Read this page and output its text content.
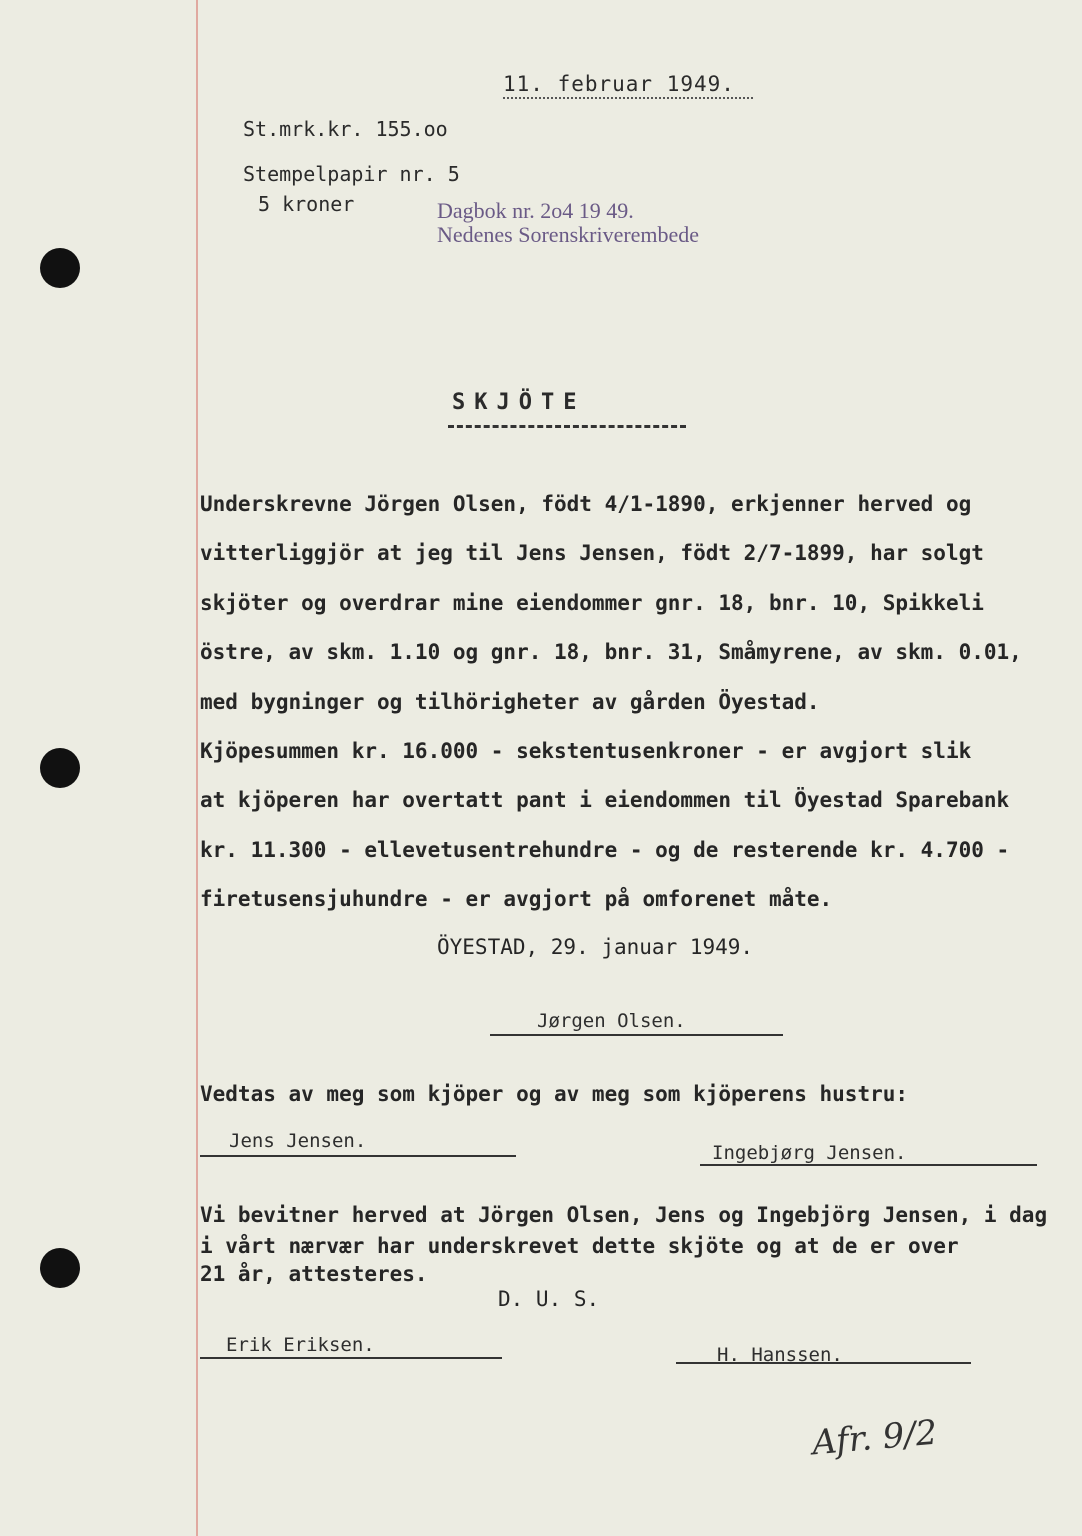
11. februar 1949.
St.mrk.kr. 155.oo
Stempelpapir nr. 5
5 kroner	Dagbok nr. 2o4 19 49.
Nedenes Sorenskriverembede
SKJÖTE
Underskrevne Jörgen Olsen, födt 4/1-1890, erkjenner herved og
vitterliggjör at jeg til Jens Jensen, födt 2/7-1899, har solgt
skjöter og overdrar mine eiendommer gnr. 18, bnr. 10, Spikkeli
östre, av skm. 1.10 og gnr. 18, bnr. 31, Småmyrene, av skm. 0.01,
med bygninger og tilhörigheter av gården Öyestad.
Kjöpesummen kr. 16.000 - sekstentusenkroner - er avgjort slik
at kjöperen har overtatt pant i eiendommen til Öyestad Sparebank
kr. 11.300 - ellevetusentrehundre - og de resterende kr. 4.700 -
firetusensjuhundre - er avgjort på omforenet måte.
ÖYESTAD, 29. januar 1949.
Jørgen Olsen.
Vedtas av meg som kjöper og av meg som kjöperens hustru:
Jens Jensen.
Ingebjørg Jensen.
Vi bevitner herved at Jörgen Olsen, Jens og Ingebjörg Jensen, i dag
i vårt nærvær har underskrevet dette skjöte og at de er over
21 år, attesteres.
D. U. S.
Erik Eriksen.	H. Hanssen.
Afr. 9/2
